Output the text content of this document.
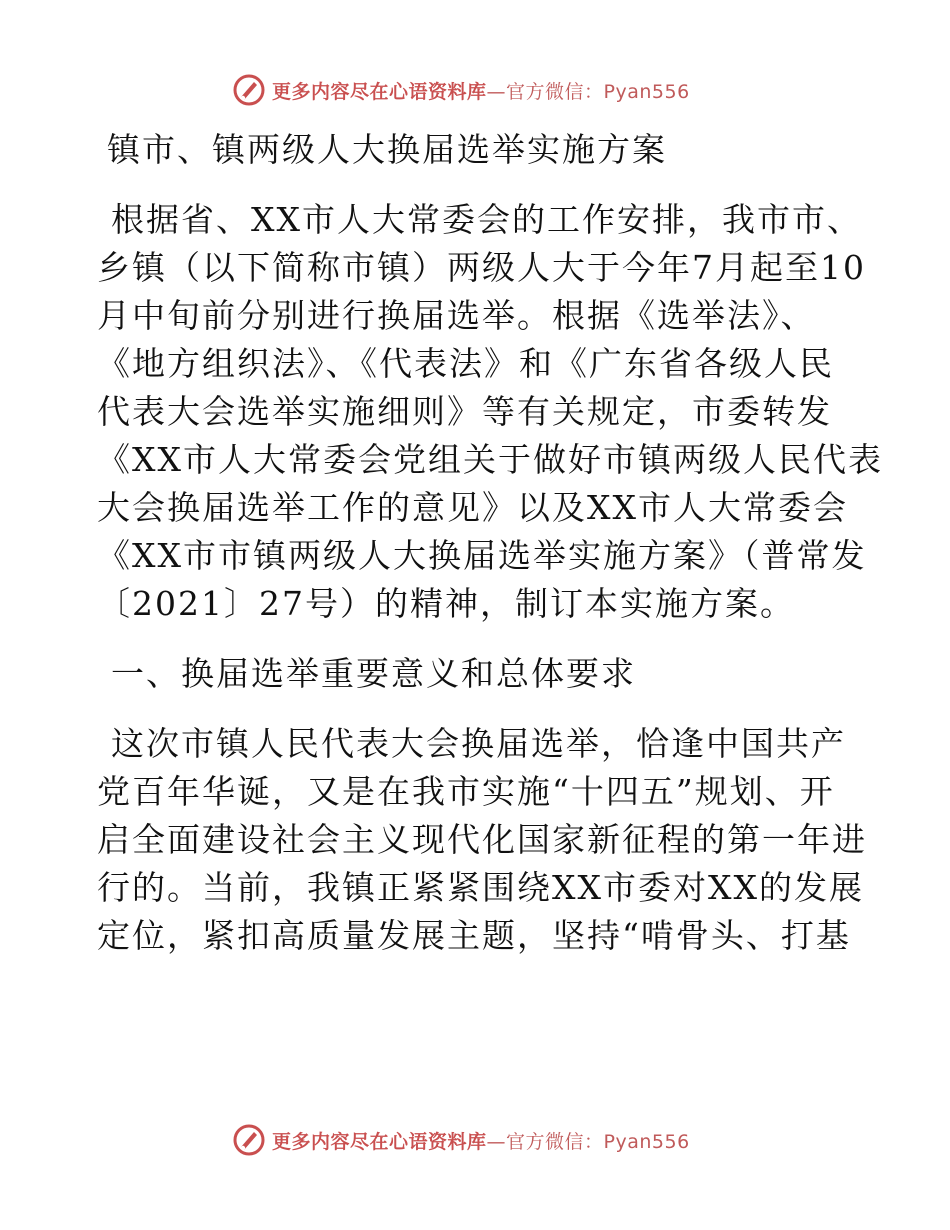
更多内容尽在心语资料库—官方微信：Pyan556
镇市、镇两级人大换届选举实施方案
根据省、XX市人大常委会的工作安排，我市市、
乡镇（以下简称市镇）两级人大于今年7月起至10
月中旬前分别进行换届选举。根据《选举法》、
《地方组织法》、《代表法》和《广东省各级人民
代表大会选举实施细则》等有关规定，市委转发
《XX市人大常委会党组关于做好市镇两级人民代表
大会换届选举工作的意见》以及XX市人大常委会
《XX市市镇两级人大换届选举实施方案》（普常发
〔2021〕27号）的精神，制订本实施方案。
一、换届选举重要意义和总体要求
这次市镇人民代表大会换届选举，恰逢中国共产
党百年华诞，又是在我市实施“十四五”规划、开
启全面建设社会主义现代化国家新征程的第一年进
行的。当前，我镇正紧紧围绕XX市委对XX的发展
定位，紧扣高质量发展主题，坚持“啃骨头、打基
更多内容尽在心语资料库—官方微信：Pyan556
